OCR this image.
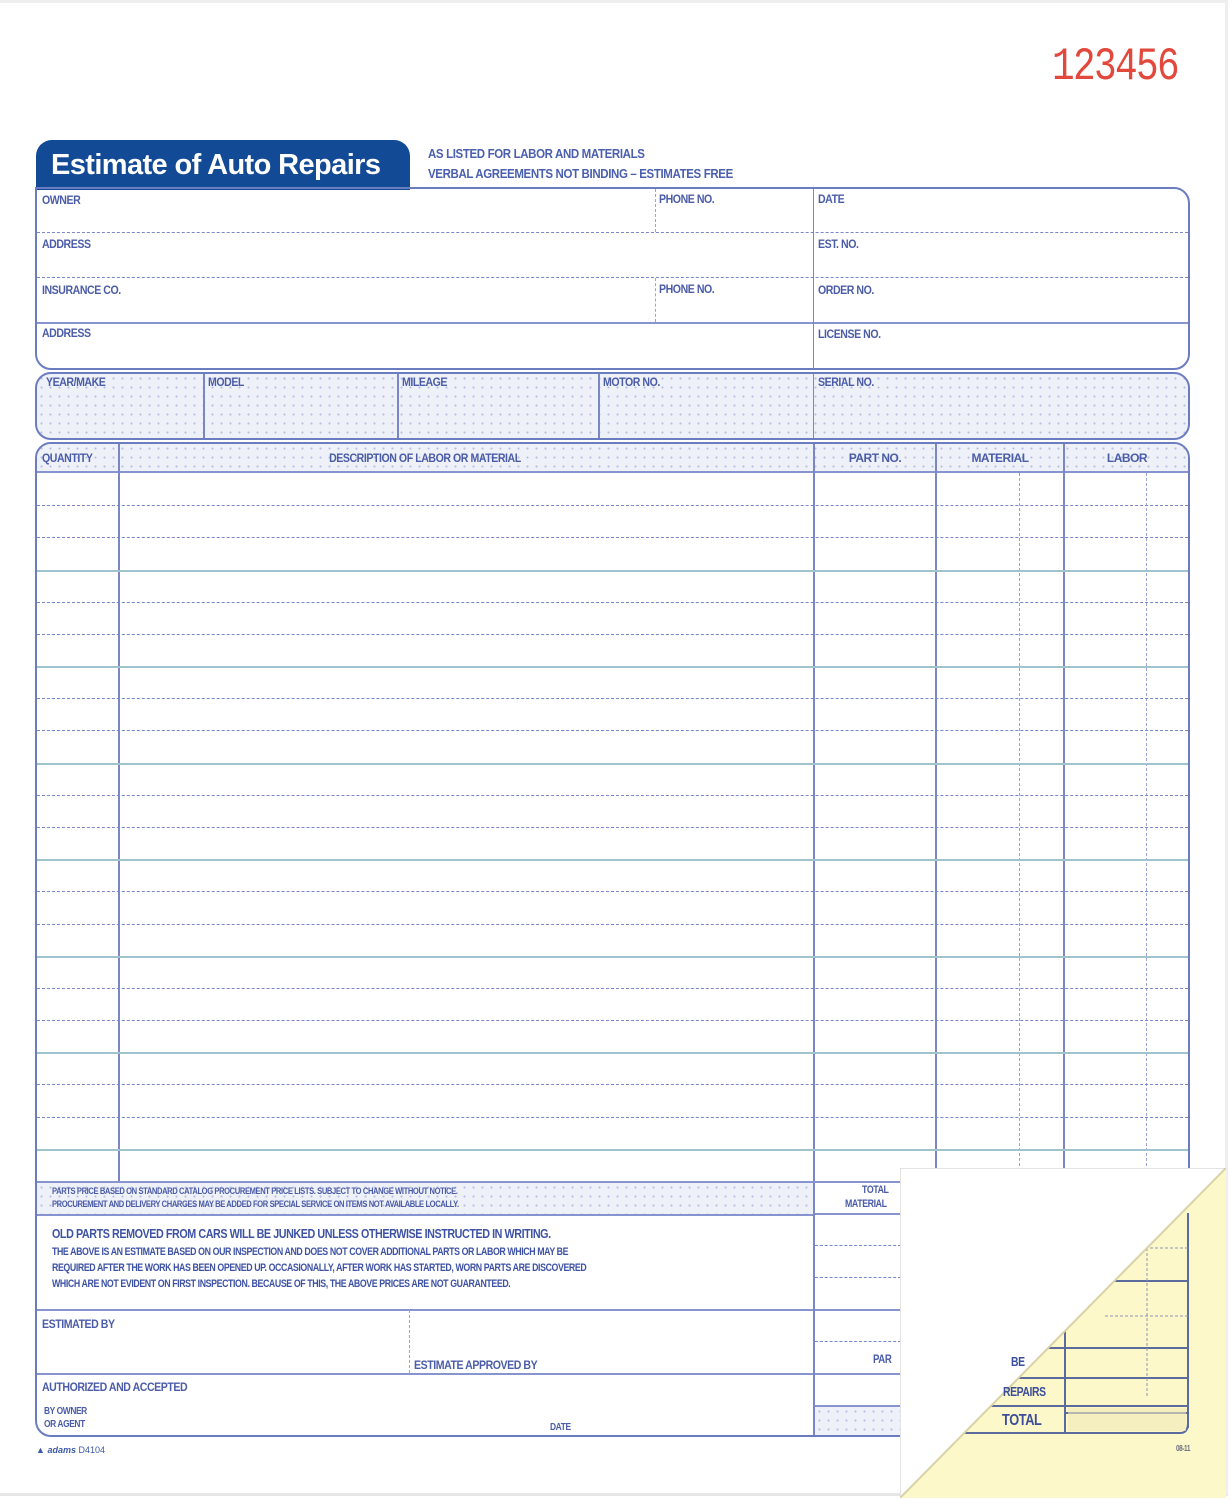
123456
Estimate of Auto Repairs	AS LISTED FOR LABOR AND MATERIALS
VERBAL AGREEMENTS NOT BINDING – ESTIMATES FREE
OWNER	PHONE NO.	DATE
ADDRESS	EST. NO.
INSURANCE CO.	PHONE NO.	ORDER NO.
ADDRESS	LICENSE NO.
YEAR/MAKE	MODEL	MILEAGE	MOTOR NO.	SERIAL NO.
QUANTITY	DESCRIPTION OF LABOR OR MATERIAL	PART NO.	MATERIAL	LABOR
PARTS PRICE BASED ON STANDARD CATALOG PROCUREMENT PRICE LISTS. SUBJECT TO CHANGE WITHOUT NOTICE.
PROCUREMENT AND DELIVERY CHARGES MAY BE ADDED FOR SPECIAL SERVICE ON ITEMS NOT AVAILABLE LOCALLY.
OLD PARTS REMOVED FROM CARS WILL BE JUNKED UNLESS OTHERWISE INSTRUCTED IN WRITING.
THE ABOVE IS AN ESTIMATE BASED ON OUR INSPECTION AND DOES NOT COVER ADDITIONAL PARTS OR LABOR WHICH MAY BE
REQUIRED AFTER THE WORK HAS BEEN OPENED UP. OCCASIONALLY, AFTER WORK HAS STARTED, WORN PARTS ARE DISCOVERED
WHICH ARE NOT EVIDENT ON FIRST INSPECTION. BECAUSE OF THIS, THE ABOVE PRICES ARE NOT GUARANTEED.
ESTIMATED BY
ESTIMATE APPROVED BY
AUTHORIZED AND ACCEPTED
BY OWNER
OR AGENT	DATE
TOTAL
MATERIAL
PAR
▲ adams D4104
BE
REPAIRS
TOTAL
08-11
